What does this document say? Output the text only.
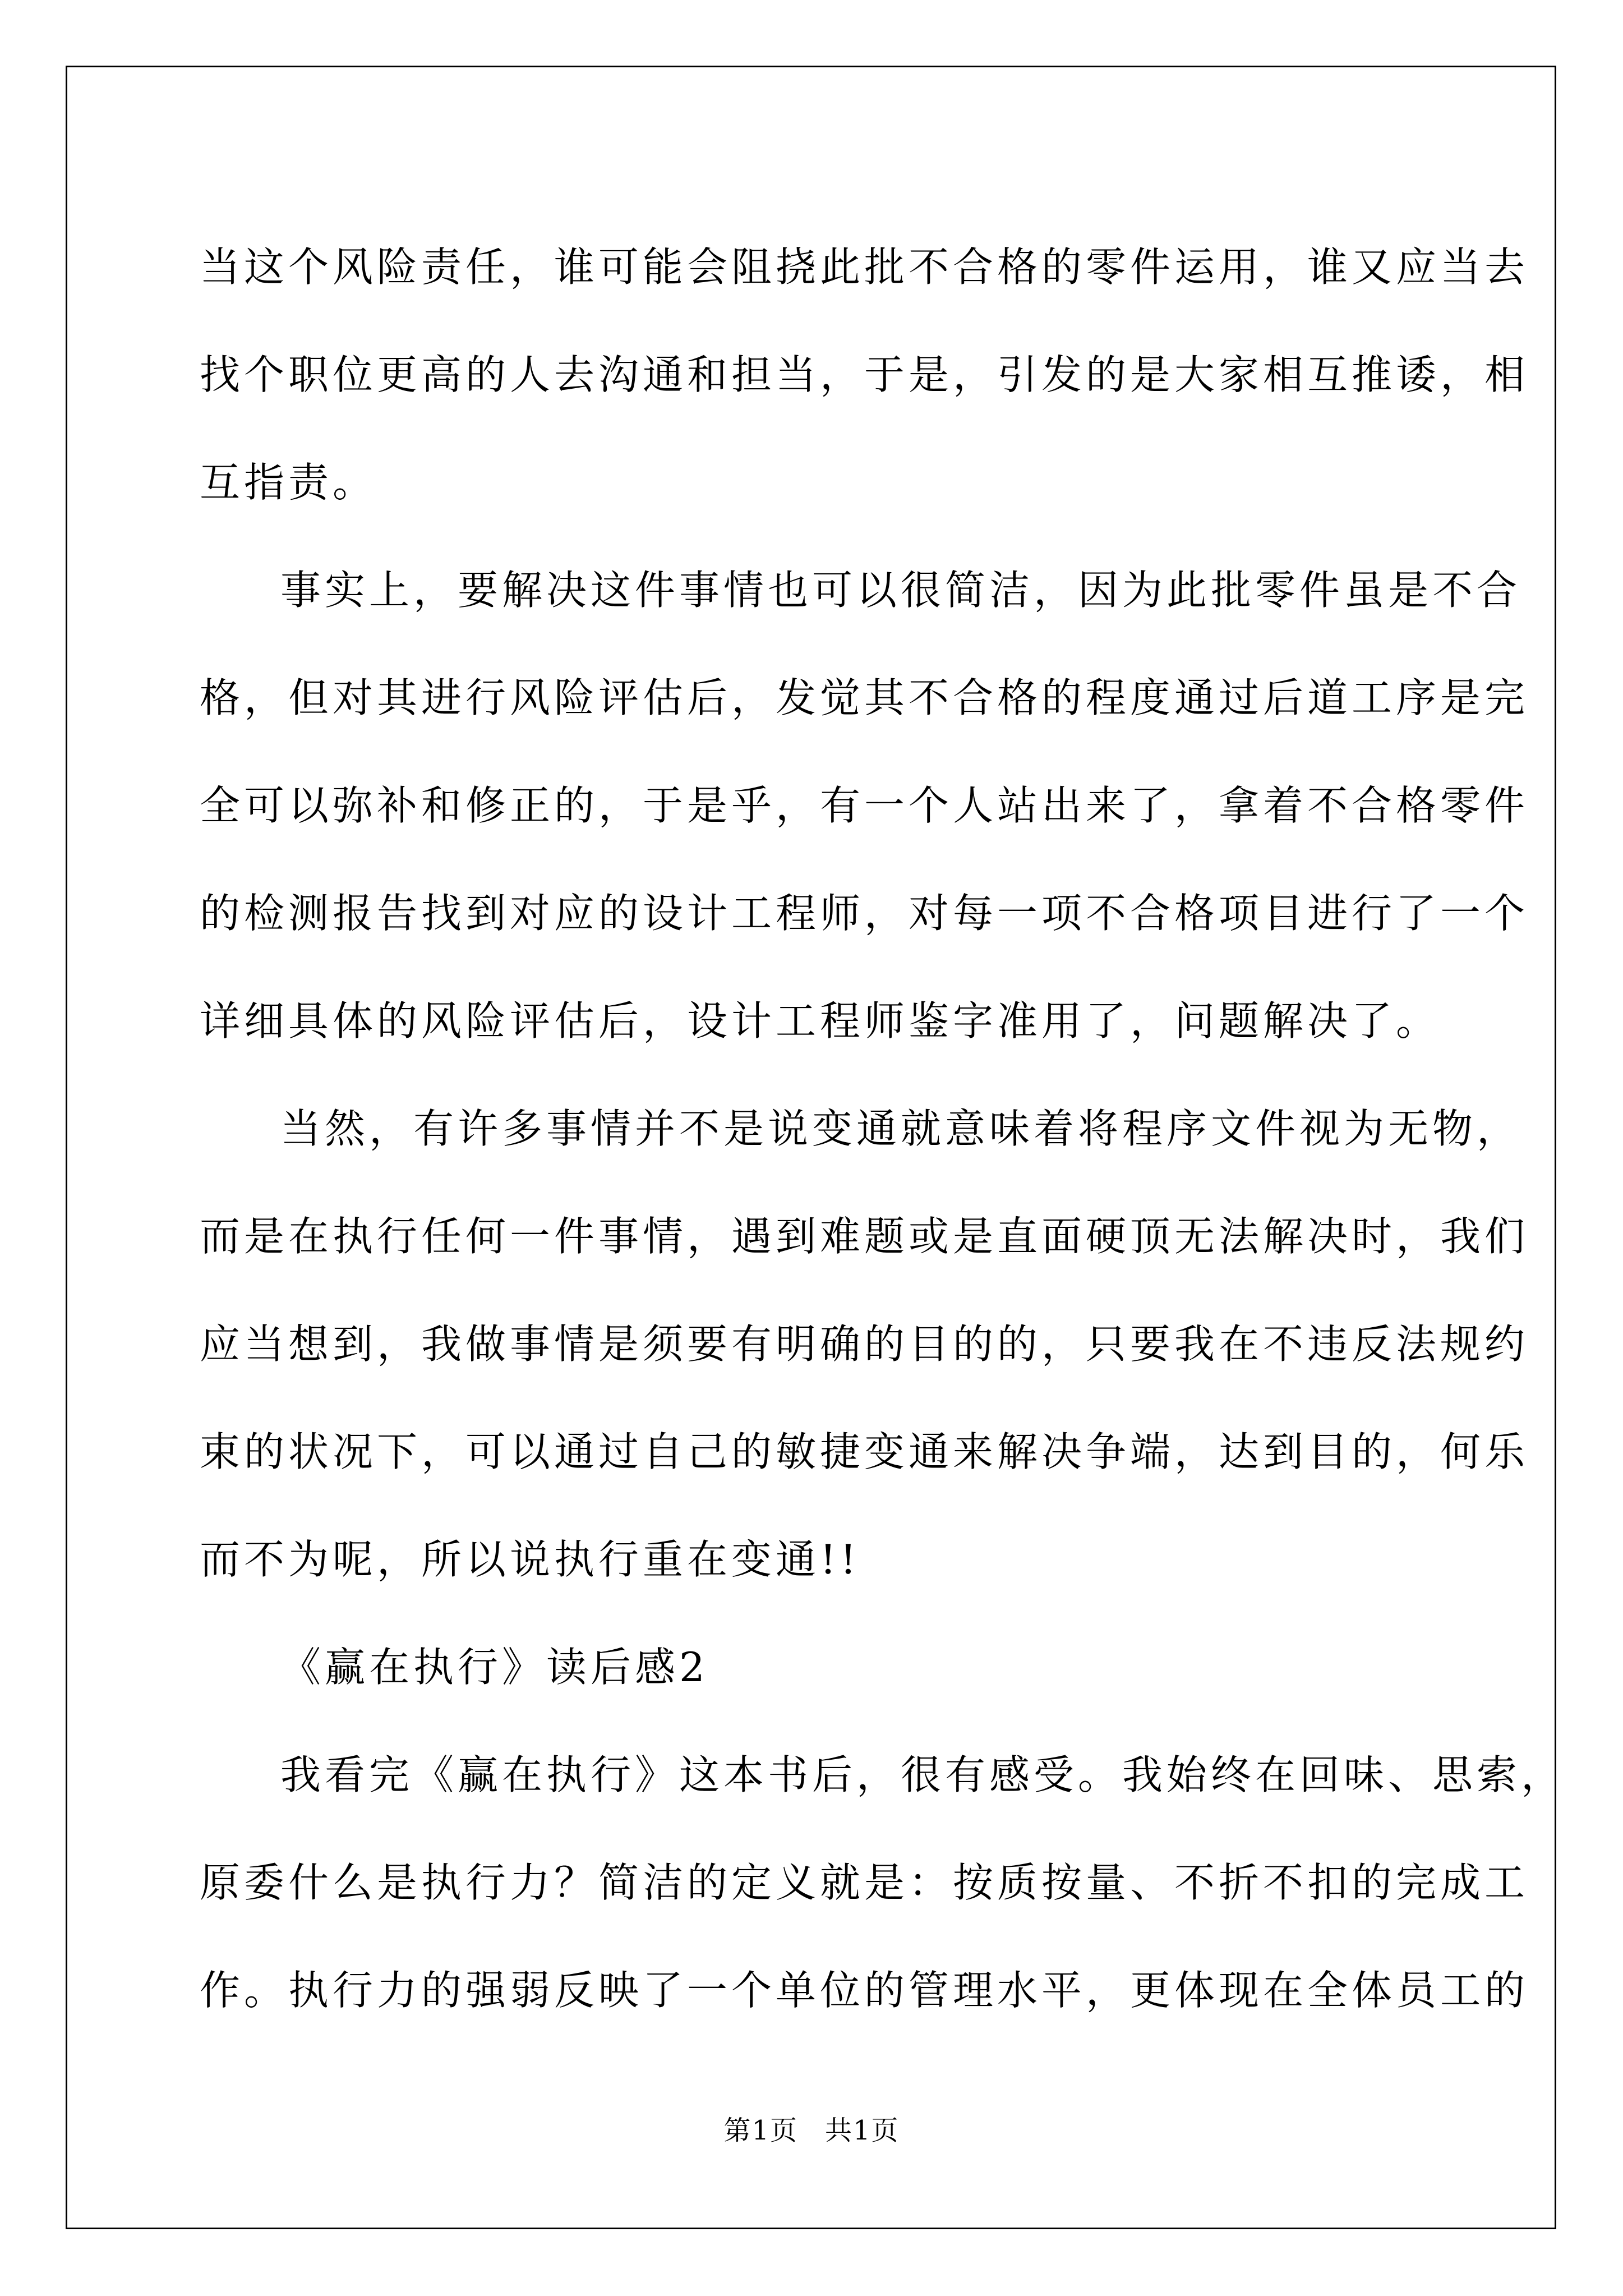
当这个风险责任，谁可能会阻挠此批不合格的零件运用，谁又应当去
找个职位更高的人去沟通和担当，于是，引发的是大家相互推诿，相
互指责。
事实上，要解决这件事情也可以很简洁，因为此批零件虽是不合
格，但对其进行风险评估后，发觉其不合格的程度通过后道工序是完
全可以弥补和修正的，于是乎，有一个人站出来了，拿着不合格零件
的检测报告找到对应的设计工程师，对每一项不合格项目进行了一个
详细具体的风险评估后，设计工程师鉴字准用了，问题解决了。
当然，有许多事情并不是说变通就意味着将程序文件视为无物，
而是在执行任何一件事情，遇到难题或是直面硬顶无法解决时，我们
应当想到，我做事情是须要有明确的目的的，只要我在不违反法规约
束的状况下，可以通过自己的敏捷变通来解决争端，达到目的，何乐
而不为呢，所以说执行重在变通!!
《赢在执行》读后感2
我看完《赢在执行》这本书后，很有感受。我始终在回味、思索，
原委什么是执行力？简洁的定义就是：按质按量、不折不扣的完成工
作。执行力的强弱反映了一个单位的管理水平，更体现在全体员工的
第1页 共1页
